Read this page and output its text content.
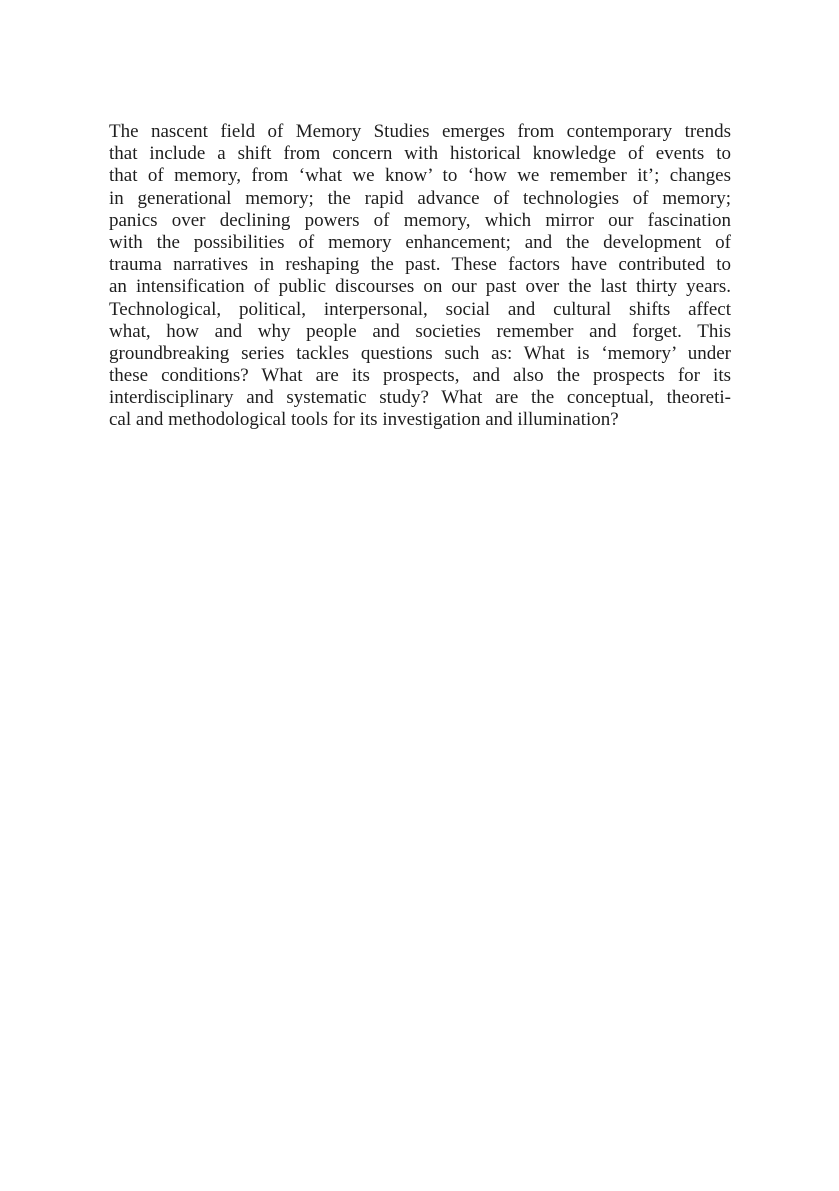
The nascent field of Memory Studies emerges from contemporary trends
that include a shift from concern with historical knowledge of events to
that of memory, from ‘what we know’ to ‘how we remember it’; changes
in generational memory; the rapid advance of technologies of memory;
panics over declining powers of memory, which mirror our fascination
with the possibilities of memory enhancement; and the development of
trauma narratives in reshaping the past. These factors have contributed to
an intensification of public discourses on our past over the last thirty years.
Technological, political, interpersonal, social and cultural shifts affect
what, how and why people and societies remember and forget. This
groundbreaking series tackles questions such as: What is ‘memory’ under
these conditions? What are its prospects, and also the prospects for its
interdisciplinary and systematic study? What are the conceptual, theoreti-
cal and methodological tools for its investigation and illumination?
